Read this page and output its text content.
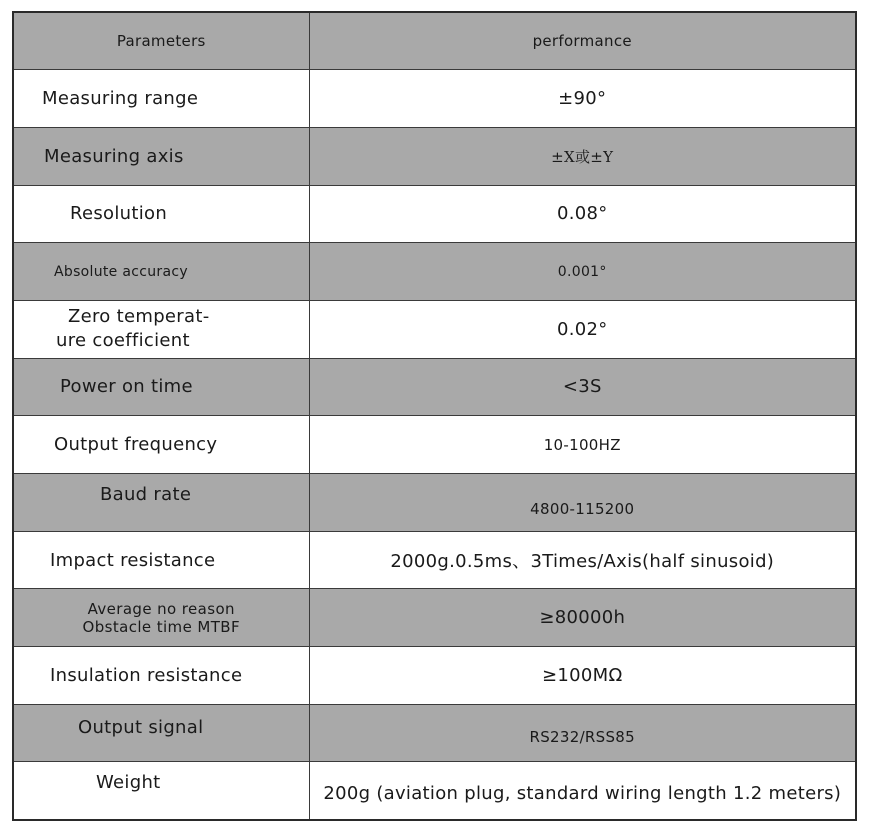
Parameters	performance
Measuring range	±90°
Measuring axis	±X或±Y
Resolution	0.08°
Absolute accuracy	0.001°

Zero temperat-
ure coefficient	0.02°
Power on time	<3S
Output frequency	10-100HZ
Baud rate	4800-115200
Impact resistance	2000g.0.5ms、3Times/Axis(half sinusoid)

Average no reason
Obstacle time MTBF	≥80000h
Insulation resistance	≥100MΩ
Output signal	RS232/RSS85
Weight	200g (aviation plug, standard wiring length 1.2 meters)
